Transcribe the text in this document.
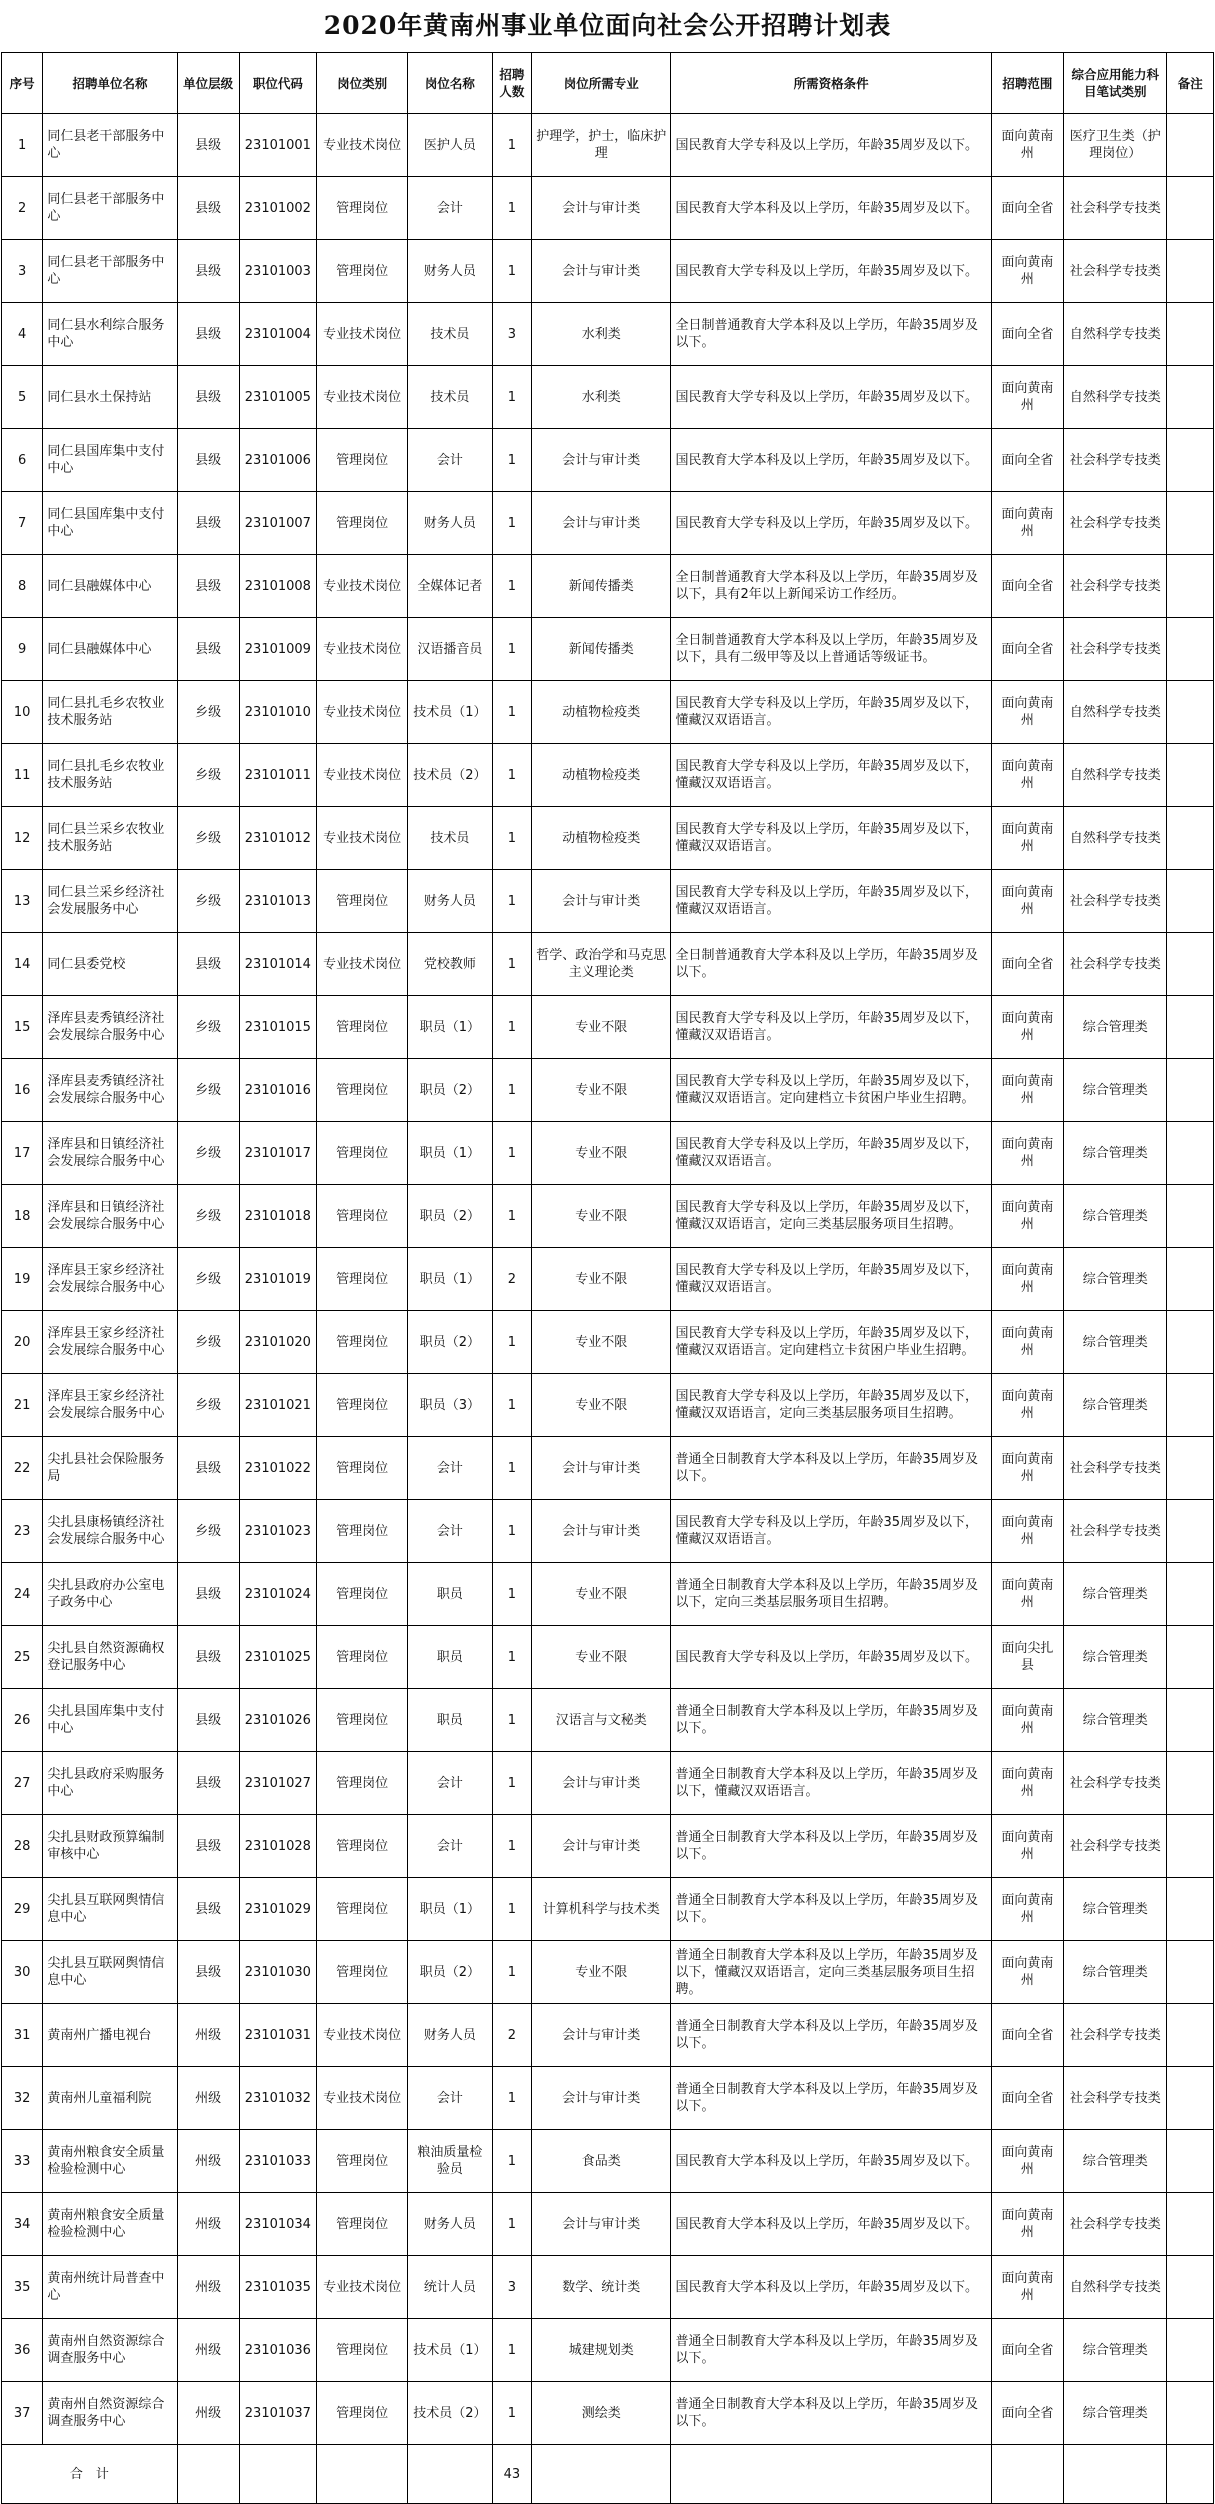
2020年黄南州事业单位面向社会公开招聘计划表
序号	招聘单位名称	单位层级	职位代码	岗位类别	岗位名称	招聘人数	岗位所需专业	所需资格条件	招聘范围	综合应用能力科目笔试类别	备注
1	同仁县老干部服务中心	县级	23101001	专业技术岗位	医护人员	1	护理学，护士，临床护理	国民教育大学专科及以上学历，年龄35周岁及以下。	面向黄南州	医疗卫生类（护理岗位）	
2	同仁县老干部服务中心	县级	23101002	管理岗位	会计	1	会计与审计类	国民教育大学本科及以上学历，年龄35周岁及以下。	面向全省	社会科学专技类	
3	同仁县老干部服务中心	县级	23101003	管理岗位	财务人员	1	会计与审计类	国民教育大学专科及以上学历，年龄35周岁及以下。	面向黄南州	社会科学专技类	
4	同仁县水利综合服务中心	县级	23101004	专业技术岗位	技术员	3	水利类	全日制普通教育大学本科及以上学历，年龄35周岁及以下。	面向全省	自然科学专技类	
5	同仁县水土保持站	县级	23101005	专业技术岗位	技术员	1	水利类	国民教育大学专科及以上学历，年龄35周岁及以下。	面向黄南州	自然科学专技类	
6	同仁县国库集中支付中心	县级	23101006	管理岗位	会计	1	会计与审计类	国民教育大学本科及以上学历，年龄35周岁及以下。	面向全省	社会科学专技类	
7	同仁县国库集中支付中心	县级	23101007	管理岗位	财务人员	1	会计与审计类	国民教育大学专科及以上学历，年龄35周岁及以下。	面向黄南州	社会科学专技类	
8	同仁县融媒体中心	县级	23101008	专业技术岗位	全媒体记者	1	新闻传播类	全日制普通教育大学本科及以上学历，年龄35周岁及以下，具有2年以上新闻采访工作经历。	面向全省	社会科学专技类	
9	同仁县融媒体中心	县级	23101009	专业技术岗位	汉语播音员	1	新闻传播类	全日制普通教育大学本科及以上学历，年龄35周岁及以下，具有二级甲等及以上普通话等级证书。	面向全省	社会科学专技类	
10	同仁县扎毛乡农牧业技术服务站	乡级	23101010	专业技术岗位	技术员（1）	1	动植物检疫类	国民教育大学专科及以上学历，年龄35周岁及以下，懂藏汉双语语言。	面向黄南州	自然科学专技类	
11	同仁县扎毛乡农牧业技术服务站	乡级	23101011	专业技术岗位	技术员（2）	1	动植物检疫类	国民教育大学专科及以上学历，年龄35周岁及以下，懂藏汉双语语言。	面向黄南州	自然科学专技类	
12	同仁县兰采乡农牧业技术服务站	乡级	23101012	专业技术岗位	技术员	1	动植物检疫类	国民教育大学专科及以上学历，年龄35周岁及以下，懂藏汉双语语言。	面向黄南州	自然科学专技类	
13	同仁县兰采乡经济社会发展服务中心	乡级	23101013	管理岗位	财务人员	1	会计与审计类	国民教育大学专科及以上学历，年龄35周岁及以下，懂藏汉双语语言。	面向黄南州	社会科学专技类	
14	同仁县委党校	县级	23101014	专业技术岗位	党校教师	1	哲学、政治学和马克思主义理论类	全日制普通教育大学本科及以上学历，年龄35周岁及以下。	面向全省	社会科学专技类	
15	泽库县麦秀镇经济社会发展综合服务中心	乡级	23101015	管理岗位	职员（1）	1	专业不限	国民教育大学专科及以上学历，年龄35周岁及以下，懂藏汉双语语言。	面向黄南州	综合管理类	
16	泽库县麦秀镇经济社会发展综合服务中心	乡级	23101016	管理岗位	职员（2）	1	专业不限	国民教育大学专科及以上学历，年龄35周岁及以下，懂藏汉双语语言。定向建档立卡贫困户毕业生招聘。	面向黄南州	综合管理类	
17	泽库县和日镇经济社会发展综合服务中心	乡级	23101017	管理岗位	职员（1）	1	专业不限	国民教育大学专科及以上学历，年龄35周岁及以下，懂藏汉双语语言。	面向黄南州	综合管理类	
18	泽库县和日镇经济社会发展综合服务中心	乡级	23101018	管理岗位	职员（2）	1	专业不限	国民教育大学专科及以上学历，年龄35周岁及以下，懂藏汉双语语言，定向三类基层服务项目生招聘。	面向黄南州	综合管理类	
19	泽库县王家乡经济社会发展综合服务中心	乡级	23101019	管理岗位	职员（1）	2	专业不限	国民教育大学专科及以上学历，年龄35周岁及以下，懂藏汉双语语言。	面向黄南州	综合管理类	
20	泽库县王家乡经济社会发展综合服务中心	乡级	23101020	管理岗位	职员（2）	1	专业不限	国民教育大学专科及以上学历，年龄35周岁及以下，懂藏汉双语语言。定向建档立卡贫困户毕业生招聘。	面向黄南州	综合管理类	
21	泽库县王家乡经济社会发展综合服务中心	乡级	23101021	管理岗位	职员（3）	1	专业不限	国民教育大学专科及以上学历，年龄35周岁及以下，懂藏汉双语语言，定向三类基层服务项目生招聘。	面向黄南州	综合管理类	
22	尖扎县社会保险服务局	县级	23101022	管理岗位	会计	1	会计与审计类	普通全日制教育大学本科及以上学历，年龄35周岁及以下。	面向黄南州	社会科学专技类	
23	尖扎县康杨镇经济社会发展综合服务中心	乡级	23101023	管理岗位	会计	1	会计与审计类	国民教育大学专科及以上学历，年龄35周岁及以下，懂藏汉双语语言。	面向黄南州	社会科学专技类	
24	尖扎县政府办公室电子政务中心	县级	23101024	管理岗位	职员	1	专业不限	普通全日制教育大学本科及以上学历，年龄35周岁及以下，定向三类基层服务项目生招聘。	面向黄南州	综合管理类	
25	尖扎县自然资源确权登记服务中心	县级	23101025	管理岗位	职员	1	专业不限	国民教育大学专科及以上学历，年龄35周岁及以下。	面向尖扎县	综合管理类	
26	尖扎县国库集中支付中心	县级	23101026	管理岗位	职员	1	汉语言与文秘类	普通全日制教育大学本科及以上学历，年龄35周岁及以下。	面向黄南州	综合管理类	
27	尖扎县政府采购服务中心	县级	23101027	管理岗位	会计	1	会计与审计类	普通全日制教育大学本科及以上学历，年龄35周岁及以下，懂藏汉双语语言。	面向黄南州	社会科学专技类	
28	尖扎县财政预算编制审核中心	县级	23101028	管理岗位	会计	1	会计与审计类	普通全日制教育大学本科及以上学历，年龄35周岁及以下。	面向黄南州	社会科学专技类	
29	尖扎县互联网舆情信息中心	县级	23101029	管理岗位	职员（1）	1	计算机科学与技术类	普通全日制教育大学本科及以上学历，年龄35周岁及以下。	面向黄南州	综合管理类	
30	尖扎县互联网舆情信息中心	县级	23101030	管理岗位	职员（2）	1	专业不限	普通全日制教育大学本科及以上学历，年龄35周岁及以下，懂藏汉双语语言，定向三类基层服务项目生招聘。	面向黄南州	综合管理类	
31	黄南州广播电视台	州级	23101031	专业技术岗位	财务人员	2	会计与审计类	普通全日制教育大学本科及以上学历，年龄35周岁及以下。	面向全省	社会科学专技类	
32	黄南州儿童福利院	州级	23101032	专业技术岗位	会计	1	会计与审计类	普通全日制教育大学本科及以上学历，年龄35周岁及以下。	面向全省	社会科学专技类	
33	黄南州粮食安全质量检验检测中心	州级	23101033	管理岗位	粮油质量检验员	1	食品类	国民教育大学本科及以上学历，年龄35周岁及以下。	面向黄南州	综合管理类	
34	黄南州粮食安全质量检验检测中心	州级	23101034	管理岗位	财务人员	1	会计与审计类	国民教育大学本科及以上学历，年龄35周岁及以下。	面向黄南州	社会科学专技类	
35	黄南州统计局普查中心	州级	23101035	专业技术岗位	统计人员	3	数学、统计类	国民教育大学本科及以上学历，年龄35周岁及以下。	面向黄南州	自然科学专技类	
36	黄南州自然资源综合调查服务中心	州级	23101036	管理岗位	技术员（1）	1	城建规划类	普通全日制教育大学本科及以上学历，年龄35周岁及以下。	面向全省	综合管理类	
37	黄南州自然资源综合调查服务中心	州级	23101037	管理岗位	技术员（2）	1	测绘类	普通全日制教育大学本科及以上学历，年龄35周岁及以下。	面向全省	综合管理类	
合　计						43					
